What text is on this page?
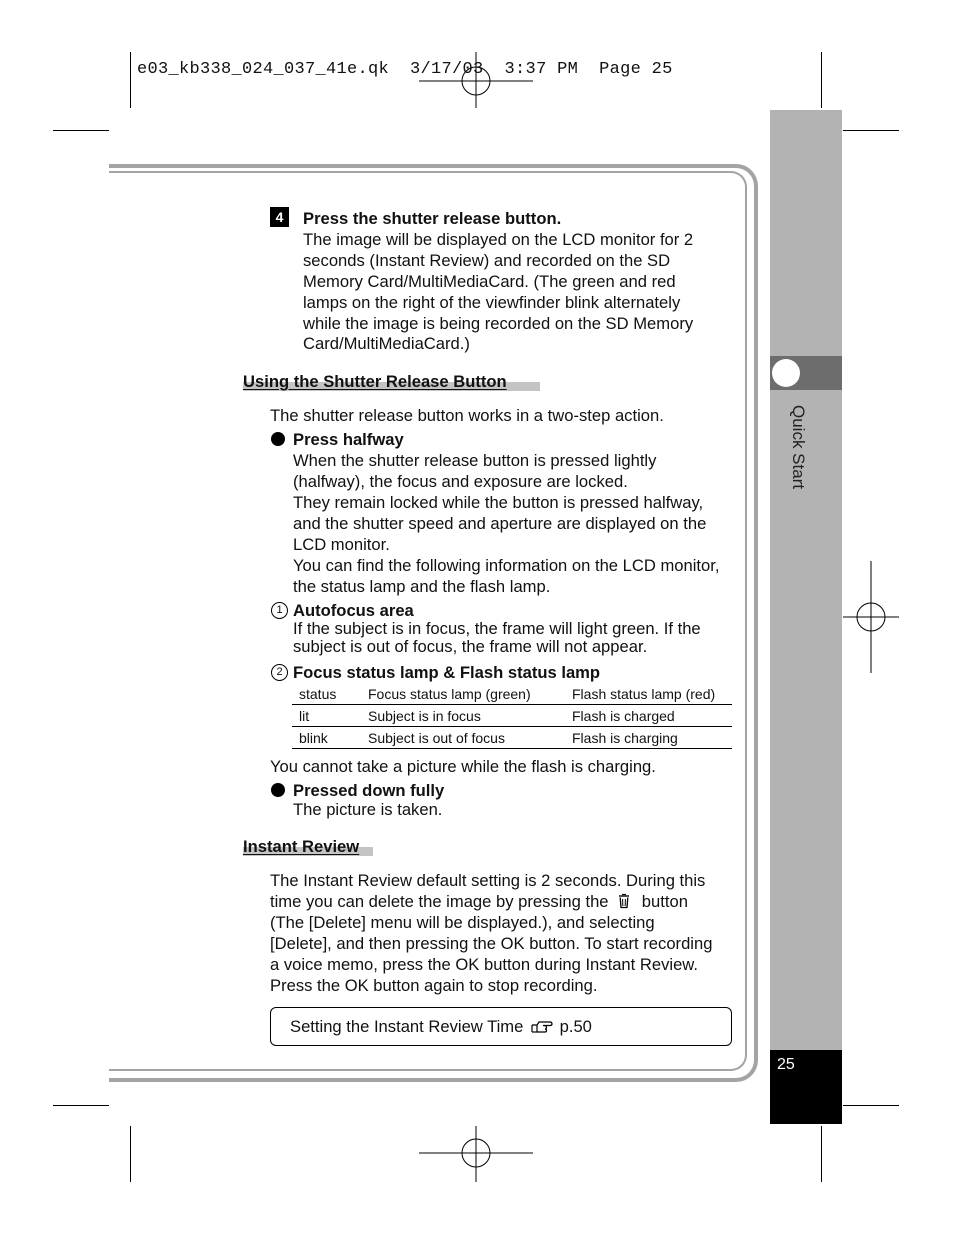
e03_kb338_024_037_41e.qk  3/17/03  3:37 PM  Page 25
Quick Start
25
4	Press the shutter release button.
The image will be displayed on the LCD monitor for 2
seconds (Instant Review) and recorded on the SD
Memory Card/MultiMediaCard. (The green and red
lamps on the right of the viewfinder blink alternately
while the image is being recorded on the SD Memory
Card/MultiMediaCard.)
Using the Shutter Release Button
The shutter release button works in a two-step action.
Press halfway
When the shutter release button is pressed lightly
(halfway), the focus and exposure are locked.
They remain locked while the button is pressed halfway,
and the shutter speed and aperture are displayed on the
LCD monitor.
You can find the following information on the LCD monitor,
the status lamp and the flash lamp.
1 Autofocus area
If the subject is in focus, the frame will light green. If the
subject is out of focus, the frame will not appear.
2 Focus status lamp & Flash status lamp
status	Focus status lamp (green)	Flash status lamp (red)
lit	Subject is in focus	Flash is charged
blink	Subject is out of focus	Flash is charging
You cannot take a picture while the flash is charging.
Pressed down fully
The picture is taken.
Instant Review
The Instant Review default setting is 2 seconds. During this
time you can delete the image by pressing the button
(The [Delete] menu will be displayed.), and selecting
[Delete], and then pressing the OK button. To start recording
a voice memo, press the OK button during Instant Review.
Press the OK button again to stop recording.
Setting the Instant Review Time p.50
